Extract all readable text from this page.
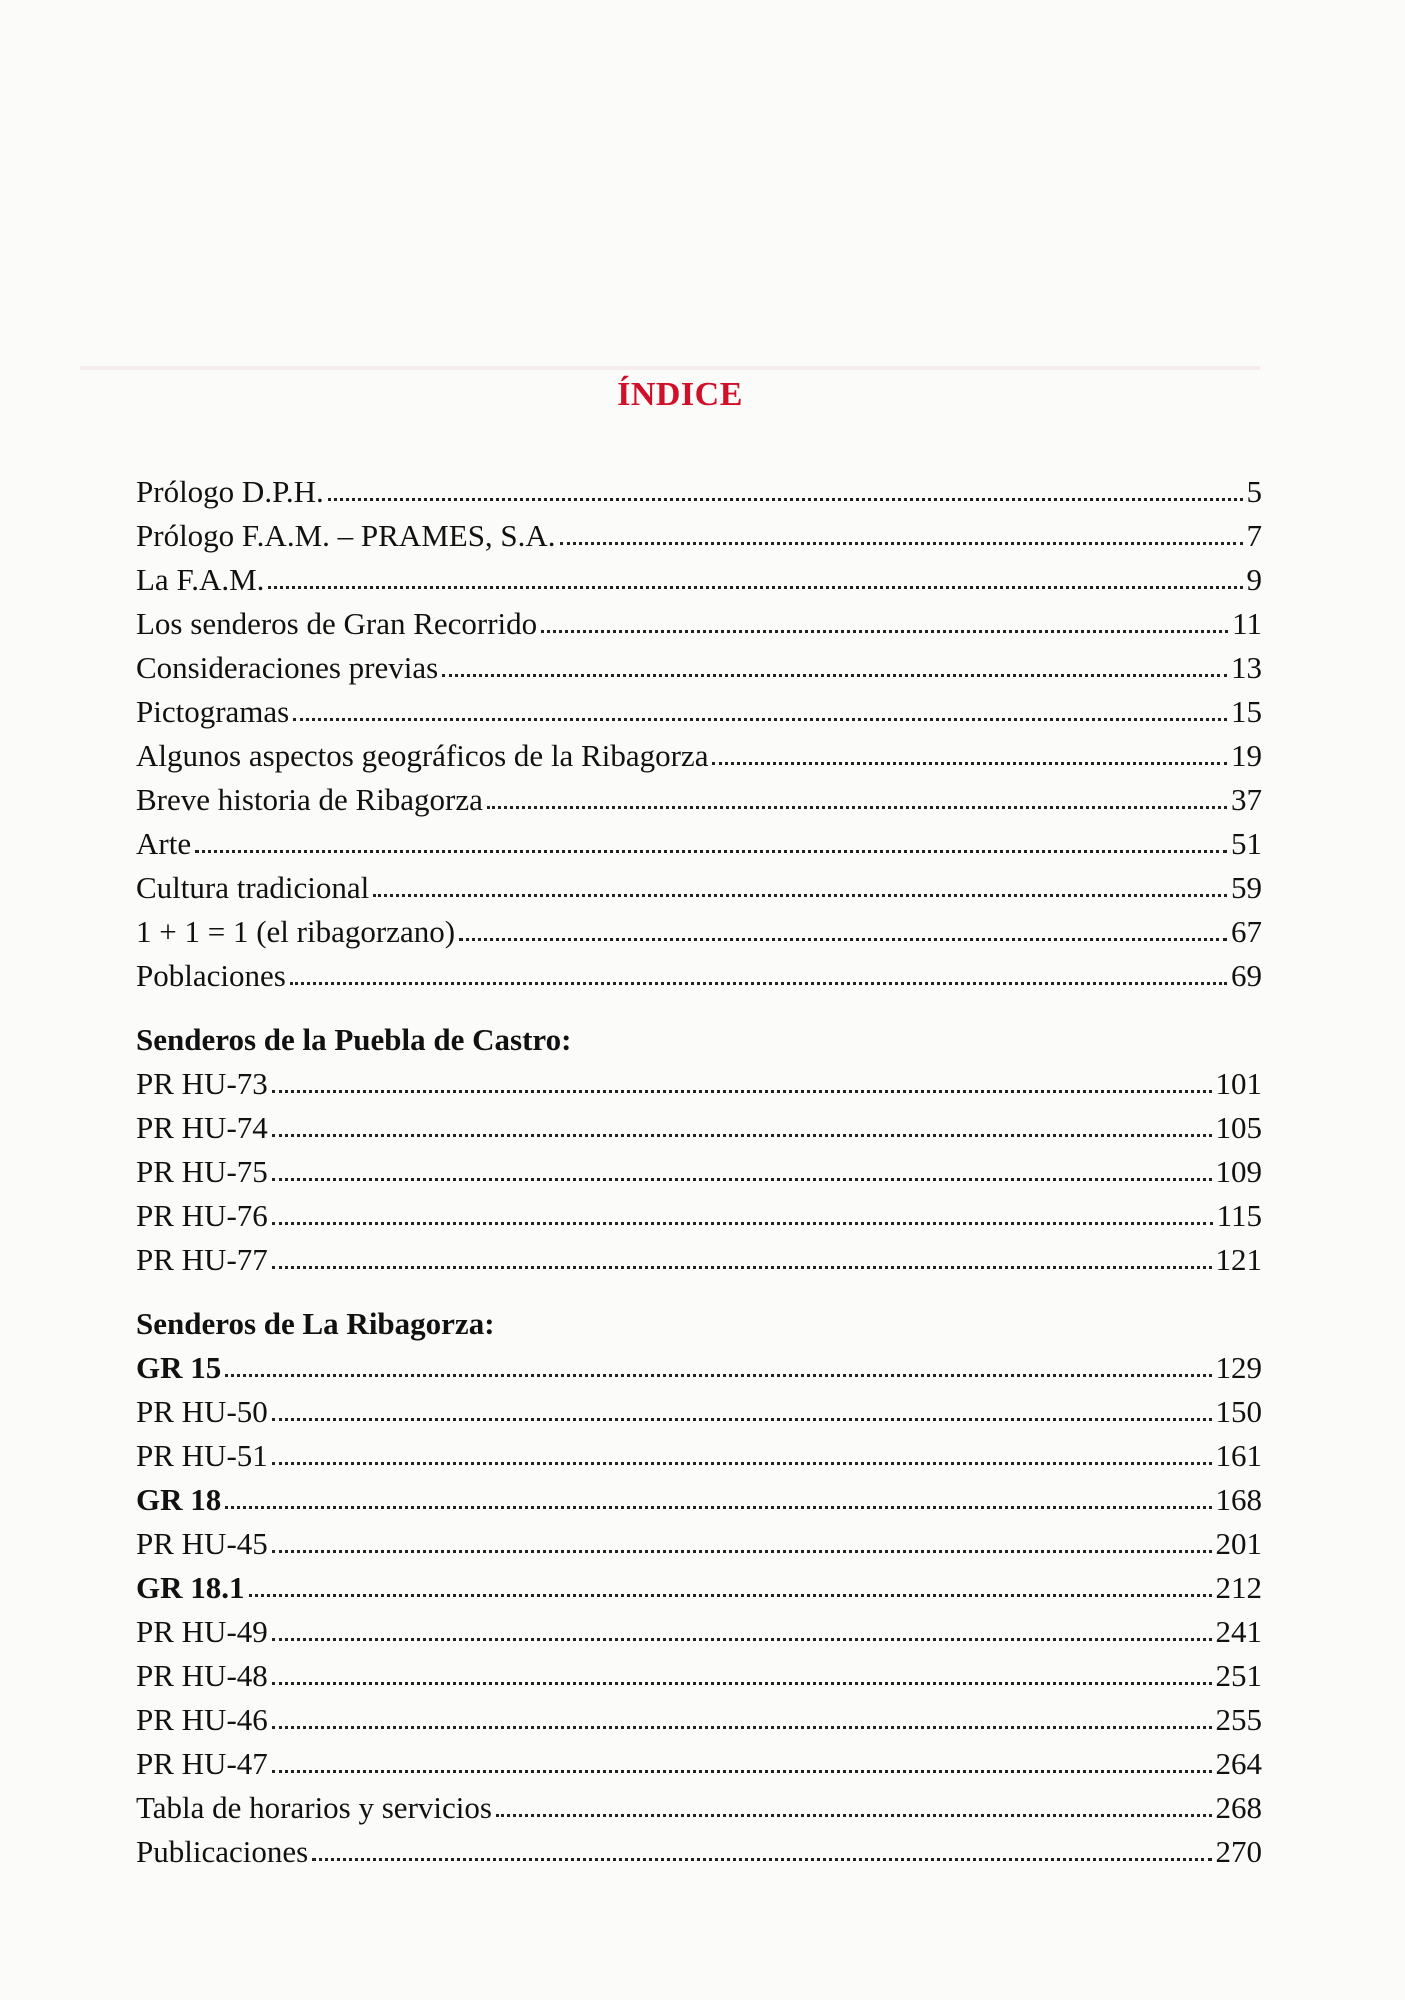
ÍNDICE
Prólogo D.P.H.	5
Prólogo F.A.M. – PRAMES, S.A.	7
La F.A.M.	9
Los senderos de Gran Recorrido	11
Consideraciones previas	13
Pictogramas	15
Algunos aspectos geográficos de la Ribagorza	19
Breve historia de Ribagorza	37
Arte	51
Cultura tradicional	59
1 + 1 = 1 (el ribagorzano)	67
Poblaciones	69
Senderos de la Puebla de Castro:
PR HU-73	101
PR HU-74	105
PR HU-75	109
PR HU-76	115
PR HU-77	121
Senderos de La Ribagorza:
GR 15	129
PR HU-50	150
PR HU-51	161
GR 18	168
PR HU-45	201
GR 18.1	212
PR HU-49	241
PR HU-48	251
PR HU-46	255
PR HU-47	264
Tabla de horarios y servicios	268
Publicaciones	270
